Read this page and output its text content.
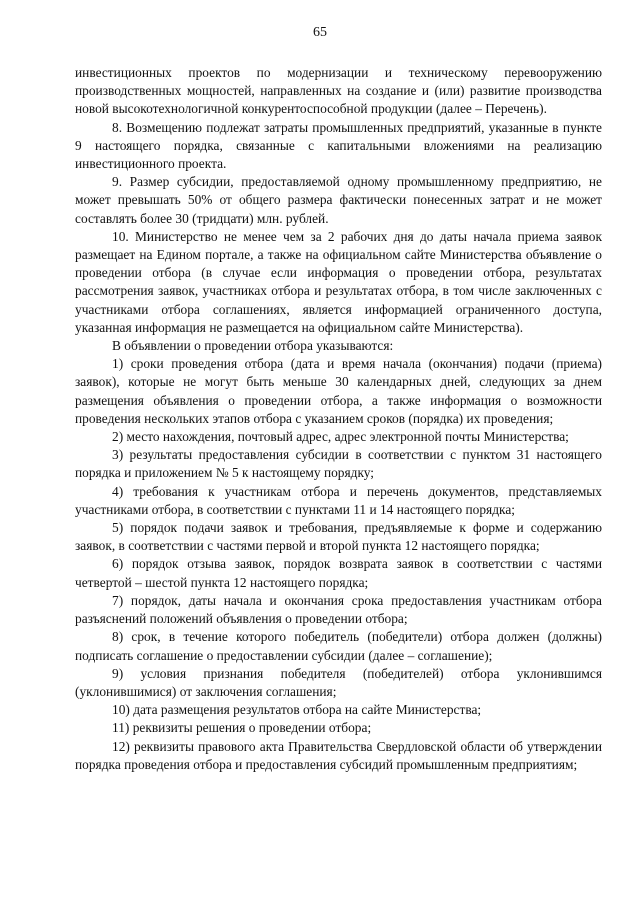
65

инвестиционных проектов по модернизации и техническому перевооружению производственных мощностей, направленных на создание и (или) развитие производства новой высокотехнологичной конкурентоспособной продукции (далее – Перечень).

8. Возмещению подлежат затраты промышленных предприятий, указанные в пункте 9 настоящего порядка, связанные с капитальными вложениями на реализацию инвестиционного проекта.

9. Размер субсидии, предоставляемой одному промышленному предприятию, не может превышать 50% от общего размера фактически понесенных затрат и не может составлять более 30 (тридцати) млн. рублей.

10. Министерство не менее чем за 2 рабочих дня до даты начала приема заявок размещает на Едином портале, а также на официальном сайте Министерства объявление о проведении отбора (в случае если информация о проведении отбора, результатах рассмотрения заявок, участниках отбора и результатах отбора, в том числе заключенных с участниками отбора соглашениях, является информацией ограниченного доступа, указанная информация не размещается на официальном сайте Министерства).

В объявлении о проведении отбора указываются:

1) сроки проведения отбора (дата и время начала (окончания) подачи (приема) заявок), которые не могут быть меньше 30 календарных дней, следующих за днем размещения объявления о проведении отбора, а также информация о возможности проведения нескольких этапов отбора с указанием сроков (порядка) их проведения;

2) место нахождения, почтовый адрес, адрес электронной почты Министерства;

3) результаты предоставления субсидии в соответствии с пунктом 31 настоящего порядка и приложением № 5 к настоящему порядку;

4) требования к участникам отбора и перечень документов, представляемых участниками отбора, в соответствии с пунктами 11 и 14 настоящего порядка;

5) порядок подачи заявок и требования, предъявляемые к форме и содержанию заявок, в соответствии с частями первой и второй пункта 12 настоящего порядка;

6) порядок отзыва заявок, порядок возврата заявок в соответствии с частями четвертой – шестой пункта 12 настоящего порядка;

7) порядок, даты начала и окончания срока предоставления участникам отбора разъяснений положений объявления о проведении отбора;

8) срок, в течение которого победитель (победители) отбора должен (должны) подписать соглашение о предоставлении субсидии (далее – соглашение);

9) условия признания победителя (победителей) отбора уклонившимся (уклонившимися) от заключения соглашения;

10) дата размещения результатов отбора на сайте Министерства;

11) реквизиты решения о проведении отбора;

12) реквизиты правового акта Правительства Свердловской области об утверждении порядка проведения отбора и предоставления субсидий промышленным предприятиям;
